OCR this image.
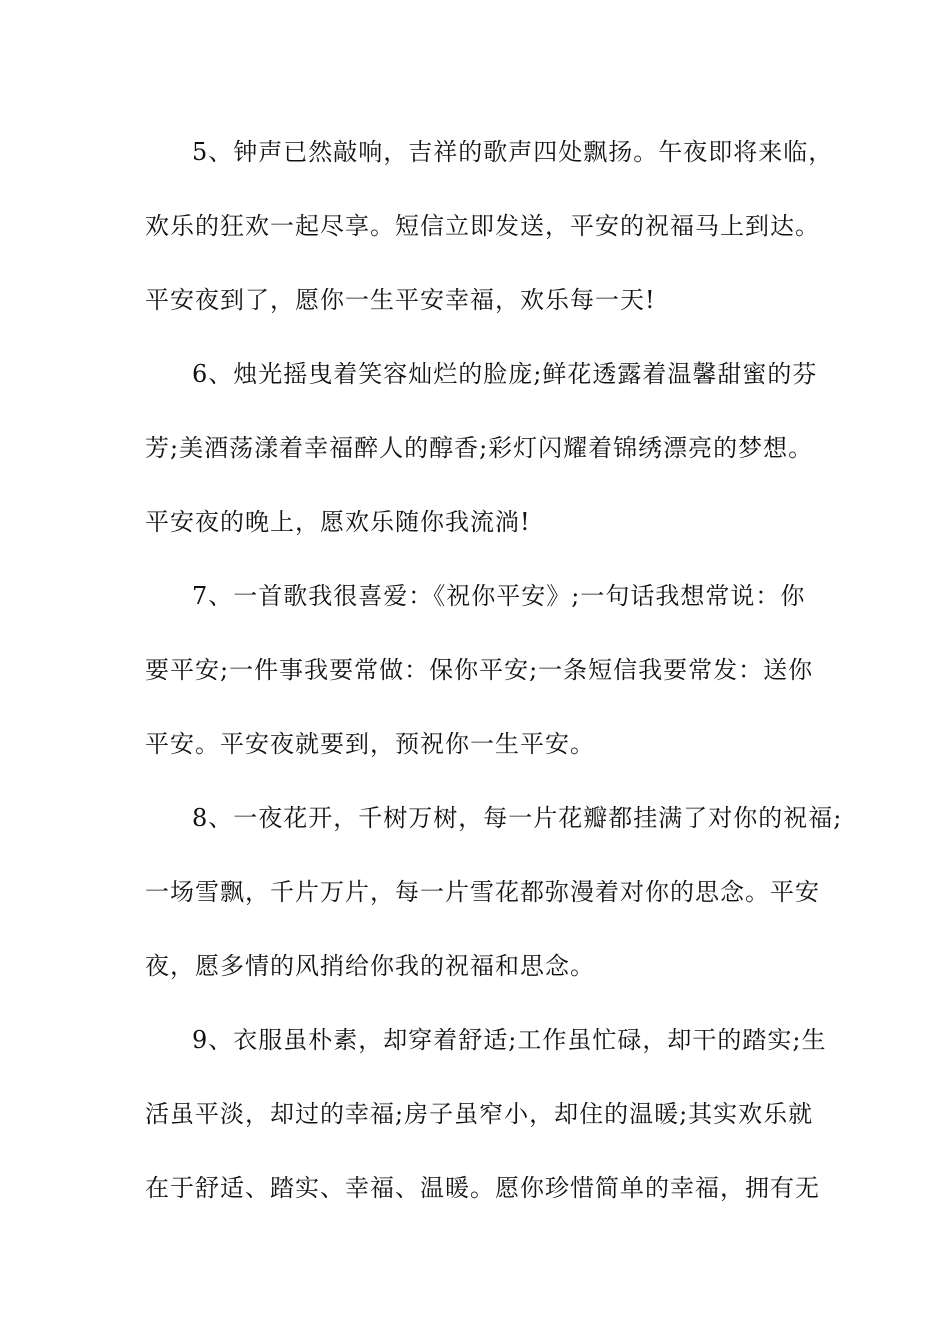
5、钟声已然敲响，吉祥的歌声四处飘扬。午夜即将来临，

欢乐的狂欢一起尽享。短信立即发送，平安的祝福马上到达。

平安夜到了，愿你一生平安幸福，欢乐每一天!

6、烛光摇曳着笑容灿烂的脸庞;鲜花透露着温馨甜蜜的芬

芳;美酒荡漾着幸福醉人的醇香;彩灯闪耀着锦绣漂亮的梦想。

平安夜的晚上，愿欢乐随你我流淌!

7、一首歌我很喜爱：《祝你平安》;一句话我想常说：你

要平安;一件事我要常做：保你平安;一条短信我要常发：送你

平安。平安夜就要到，预祝你一生平安。

8、一夜花开，千树万树，每一片花瓣都挂满了对你的祝福;

一场雪飘，千片万片，每一片雪花都弥漫着对你的思念。平安

夜，愿多情的风捎给你我的祝福和思念。

9、衣服虽朴素，却穿着舒适;工作虽忙碌，却干的踏实;生

活虽平淡，却过的幸福;房子虽窄小，却住的温暖;其实欢乐就

在于舒适、踏实、幸福、温暖。愿你珍惜简单的幸福，拥有无
